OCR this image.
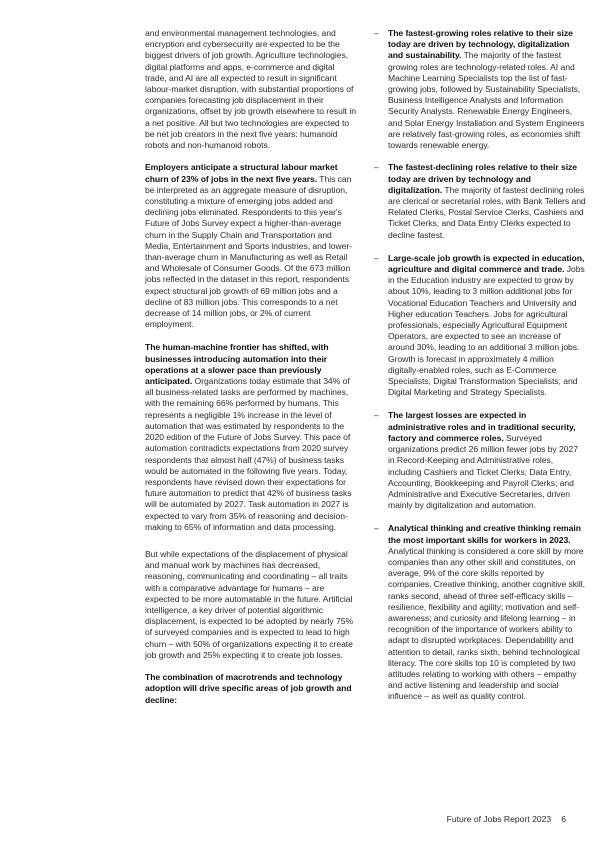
and environmental management technologies, and encryption and cybersecurity are expected to be the biggest drivers of job growth. Agriculture technologies, digital platforms and apps, e-commerce and digital trade, and AI are all expected to result in significant labour-market disruption, with substantial proportions of companies forecasting job displacement in their organizations, offset by job growth elsewhere to result in a net positive. All but two technologies are expected to be net job creators in the next five years: humanoid robots and non-humanoid robots.

Employers anticipate a structural labour market churn of 23% of jobs in the next five years. This can be interpreted as an aggregate measure of disruption, constituting a mixture of emerging jobs added and declining jobs eliminated. Respondents to this year's Future of Jobs Survey expect a higher-than-average churn in the Supply Chain and Transportation and Media, Entertainment and Sports industries, and lower-than-average churn in Manufacturing as well as Retail and Wholesale of Consumer Goods. Of the 673 million jobs reflected in the dataset in this report, respondents expect structural job growth of 69 million jobs and a decline of 83 million jobs. This corresponds to a net decrease of 14 million jobs, or 2% of current employment.

The human-machine frontier has shifted, with businesses introducing automation into their operations at a slower pace than previously anticipated. Organizations today estimate that 34% of all business-related tasks are performed by machines, with the remaining 66% performed by humans. This represents a negligible 1% increase in the level of automation that was estimated by respondents to the 2020 edition of the Future of Jobs Survey. This pace of automation contradicts expectations from 2020 survey respondents that almost half (47%) of business tasks would be automated in the following five years. Today, respondents have revised down their expectations for future automation to predict that 42% of business tasks will be automated by 2027. Task automation in 2027 is expected to vary from 35% of reasoning and decision-making to 65% of information and data processing.

But while expectations of the displacement of physical and manual work by machines has decreased, reasoning, communicating and coordinating – all traits with a comparative advantage for humans – are expected to be more automatable in the future. Artificial intelligence, a key driver of potential algorithmic displacement, is expected to be adopted by nearly 75% of surveyed companies and is expected to lead to high churn – with 50% of organizations expecting it to create job growth and 25% expecting it to create job losses.

The combination of macrotrends and technology adoption will drive specific areas of job growth and decline:

– The fastest-growing roles relative to their size today are driven by technology, digitalization and sustainability. The majority of the fastest growing roles are technology-related roles. AI and Machine Learning Specialists top the list of fast-growing jobs, followed by Sustainability Specialists, Business Intelligence Analysts and Information Security Analysts. Renewable Energy Engineers, and Solar Energy Installation and System Engineers are relatively fast-growing roles, as economies shift towards renewable energy.
– The fastest-declining roles relative to their size today are driven by technology and digitalization. The majority of fastest declining roles are clerical or secretarial roles, with Bank Tellers and Related Clerks, Postal Service Clerks, Cashiers and Ticket Clerks, and Data Entry Clerks expected to decline fastest.
– Large-scale job growth is expected in education, agriculture and digital commerce and trade. Jobs in the Education industry are expected to grow by about 10%, leading to 3 million additional jobs for Vocational Education Teachers and University and Higher education Teachers. Jobs for agricultural professionals, especially Agricultural Equipment Operators, are expected to see an increase of around 30%, leading to an additional 3 million jobs. Growth is forecast in approximately 4 million digitally-enabled roles, such as E-Commerce Specialists, Digital Transformation Specialists, and Digital Marketing and Strategy Specialists.
– The largest losses are expected in administrative roles and in traditional security, factory and commerce roles. Surveyed organizations predict 26 million fewer jobs by 2027 in Record-Keeping and Administrative roles, including Cashiers and Ticket Clerks; Data Entry, Accounting, Bookkeeping and Payroll Clerks; and Administrative and Executive Secretaries, driven mainly by digitalization and automation.
– Analytical thinking and creative thinking remain the most important skills for workers in 2023. Analytical thinking is considered a core skill by more companies than any other skill and constitutes, on average, 9% of the core skills reported by companies. Creative thinking, another cognitive skill, ranks second, ahead of three self-efficacy skills – resilience, flexibility and agility; motivation and self-awareness; and curiosity and lifelong learning – in recognition of the importance of workers ability to adapt to disrupted workplaces. Dependability and attention to detail, ranks sixth, behind technological literacy. The core skills top 10 is completed by two attitudes relating to working with others – empathy and active listening and leadership and social influence – as well as quality control.
Future of Jobs Report 2023 6
